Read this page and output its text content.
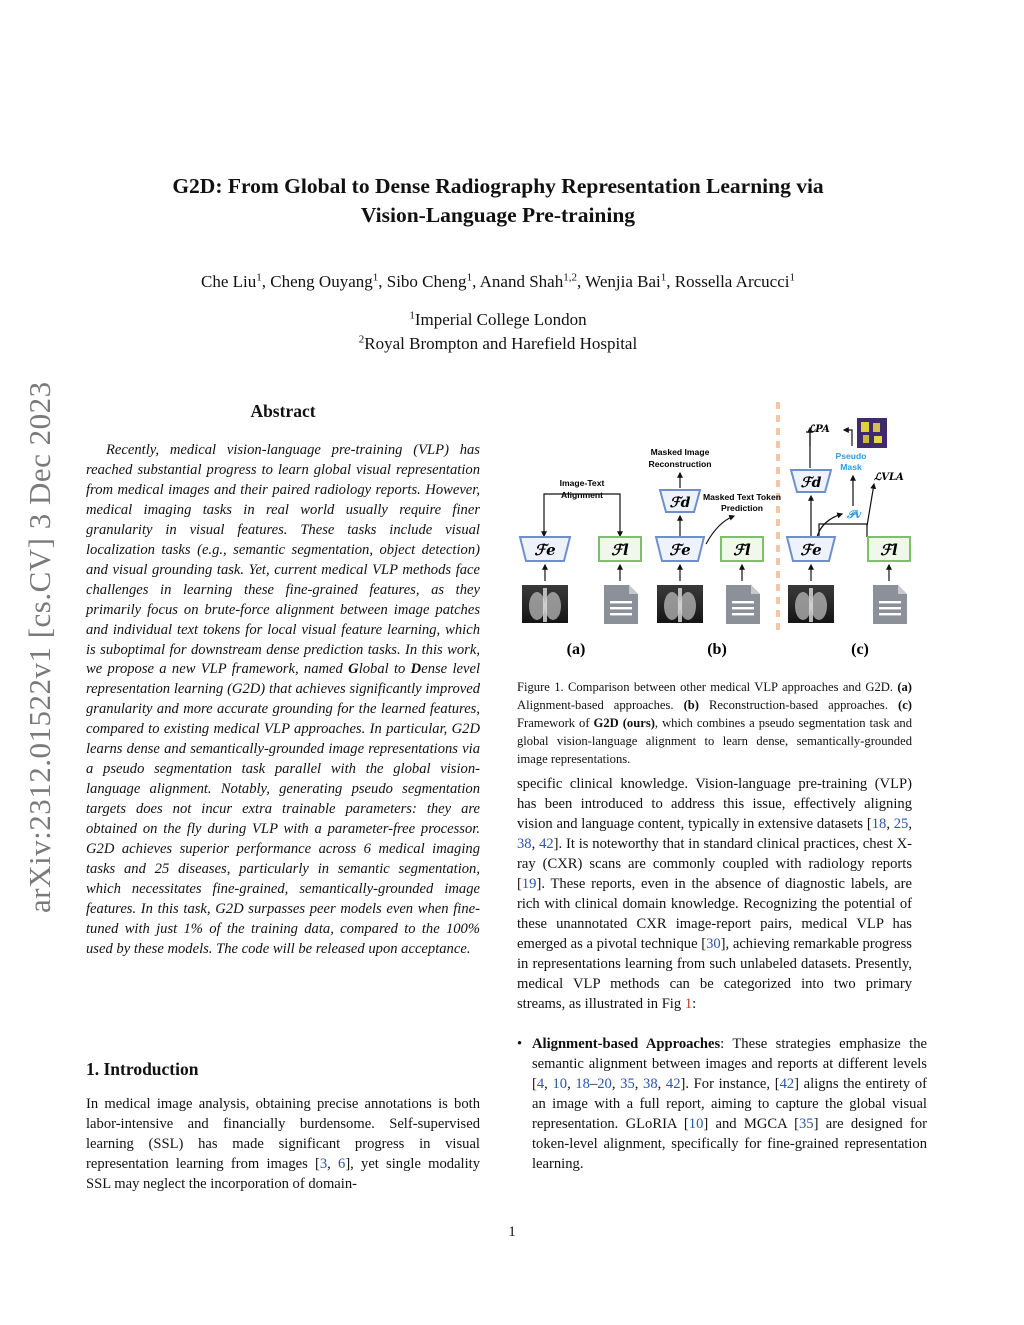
arXiv:2312.01522v1 [cs.CV] 3 Dec 2023
G2D: From Global to Dense Radiography Representation Learning via
Vision-Language Pre-training
Che Liu$^1$, Cheng Ouyang$^1$, Sibo Cheng$^1$, Anand Shah$^{1,2}$, Wenjia Bai$^1$, Rossella Arcucci$^1$
$^1$Imperial College London
$^2$Royal Brompton and Harefield Hospital
Abstract
Recently, medical vision-language pre-training (VLP) has reached substantial progress to learn global visual representation from medical images and their paired radiology reports. However, medical imaging tasks in real world usually require finer granularity in visual features. These tasks include visual localization tasks (e.g., semantic segmentation, object detection) and visual grounding task. Yet, current medical VLP methods face challenges in learning these fine-grained features, as they primarily focus on brute-force alignment between image patches and individual text tokens for local visual feature learning, which is suboptimal for downstream dense prediction tasks. In this work, we propose a new VLP framework, named Global to Dense level representation learning (G2D) that achieves significantly improved granularity and more accurate grounding for the learned features, compared to existing medical VLP approaches. In particular, G2D learns dense and semantically-grounded image representations via a pseudo segmentation task parallel with the global vision-language alignment. Notably, generating pseudo segmentation targets does not incur extra trainable parameters: they are obtained on the fly during VLP with a parameter-free processor. G2D achieves superior performance across 6 medical imaging tasks and 25 diseases, particularly in semantic segmentation, which necessitates fine-grained, semantically-grounded image features. In this task, G2D surpasses peer models even when fine-tuned with just 1% of the training data, compared to the 100% used by these models. The code will be released upon acceptance.
1. Introduction
In medical image analysis, obtaining precise annotations is both labor-intensive and financially burdensome. Self-supervised learning (SSL) has made significant progress in visual representation learning from images [3, 6], yet single modality SSL may neglect the incorporation of domain-
Image-Text
Alignment
ℱe	ℱl
(a)
Masked Image
Reconstruction
ℱd Masked Text Token
Prediction
ℱe	ℱl
(b)
ℒPA
Pseudo
Mask
ℒVLA
𝒫v
ℱd
ℱe	ℱl
(c)
Figure 1. Comparison between other medical VLP approaches and G2D. (a) Alignment-based approaches. (b) Reconstruction-based approaches. (c) Framework of G2D (ours), which combines a pseudo segmentation task and global vision-language alignment to learn dense, semantically-grounded image representations.
specific clinical knowledge. Vision-language pre-training (VLP) has been introduced to address this issue, effectively aligning vision and language content, typically in extensive datasets [18, 25, 38, 42]. It is noteworthy that in standard clinical practices, chest X-ray (CXR) scans are commonly coupled with radiology reports [19]. These reports, even in the absence of diagnostic labels, are rich with clinical domain knowledge. Recognizing the potential of these unannotated CXR image-report pairs, medical VLP has emerged as a pivotal technique [30], achieving remarkable progress in representations learning from such unlabeled datasets. Presently, medical VLP methods can be categorized into two primary streams, as illustrated in Fig 1:
• Alignment-based Approaches: These strategies emphasize the semantic alignment between images and reports at different levels [4, 10, 18–20, 35, 38, 42]. For instance, [42] aligns the entirety of an image with a full report, aiming to capture the global visual representation. GLoRIA [10] and MGCA [35] are designed for token-level alignment, specifically for fine-grained representation learning.
1
